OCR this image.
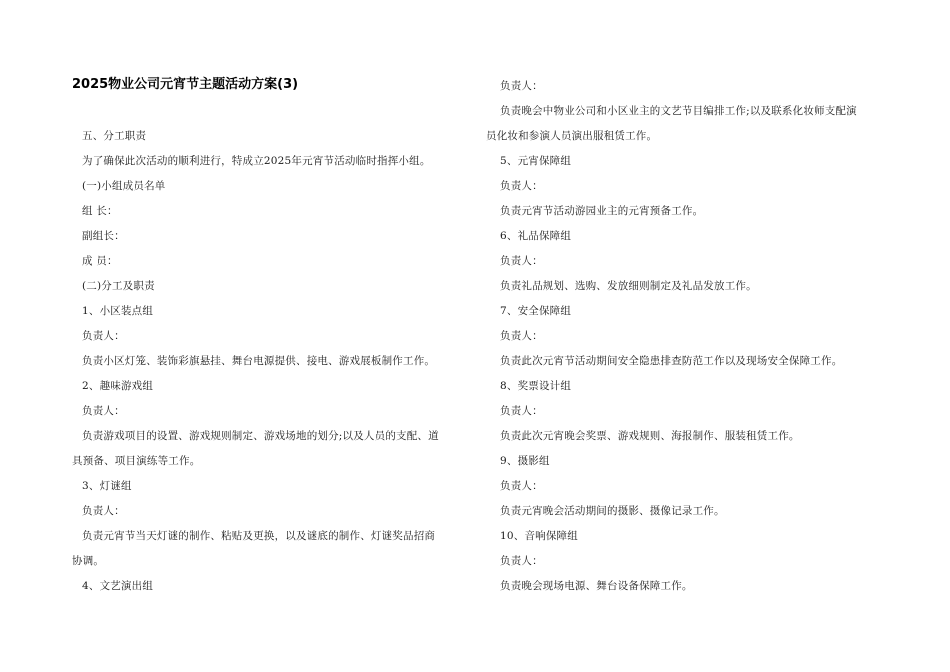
2025物业公司元宵节主题活动方案(3)
五、分工职责
为了确保此次活动的顺利进行，特成立2025年元宵节活动临时指挥小组。
(一)小组成员名单
组 长：
副组长：
成 员：
(二)分工及职责
1、小区装点组
负责人：
负责小区灯笼、装饰彩旗悬挂、舞台电源提供、接电、游戏展板制作工作。
2、趣味游戏组
负责人：
负责游戏项目的设置、游戏规则制定、游戏场地的划分;以及人员的支配、道
具预备、项目演练等工作。
3、灯谜组
负责人：
负责元宵节当天灯谜的制作、粘贴及更换，以及谜底的制作、灯谜奖品招商
协调。
4、文艺演出组
负责人：
负责晚会中物业公司和小区业主的文艺节目编排工作;以及联系化妆师支配演
员化妆和参演人员演出服租赁工作。
5、元宵保障组
负责人：
负责元宵节活动游园业主的元宵预备工作。
6、礼品保障组
负责人：
负责礼品规划、选购、发放细则制定及礼品发放工作。
7、安全保障组
负责人：
负责此次元宵节活动期间安全隐患排查防范工作以及现场安全保障工作。
8、奖票设计组
负责人：
负责此次元宵晚会奖票、游戏规则、海报制作、服装租赁工作。
9、摄影组
负责人：
负责元宵晚会活动期间的摄影、摄像记录工作。
10、音响保障组
负责人：
负责晚会现场电源、舞台设备保障工作。
